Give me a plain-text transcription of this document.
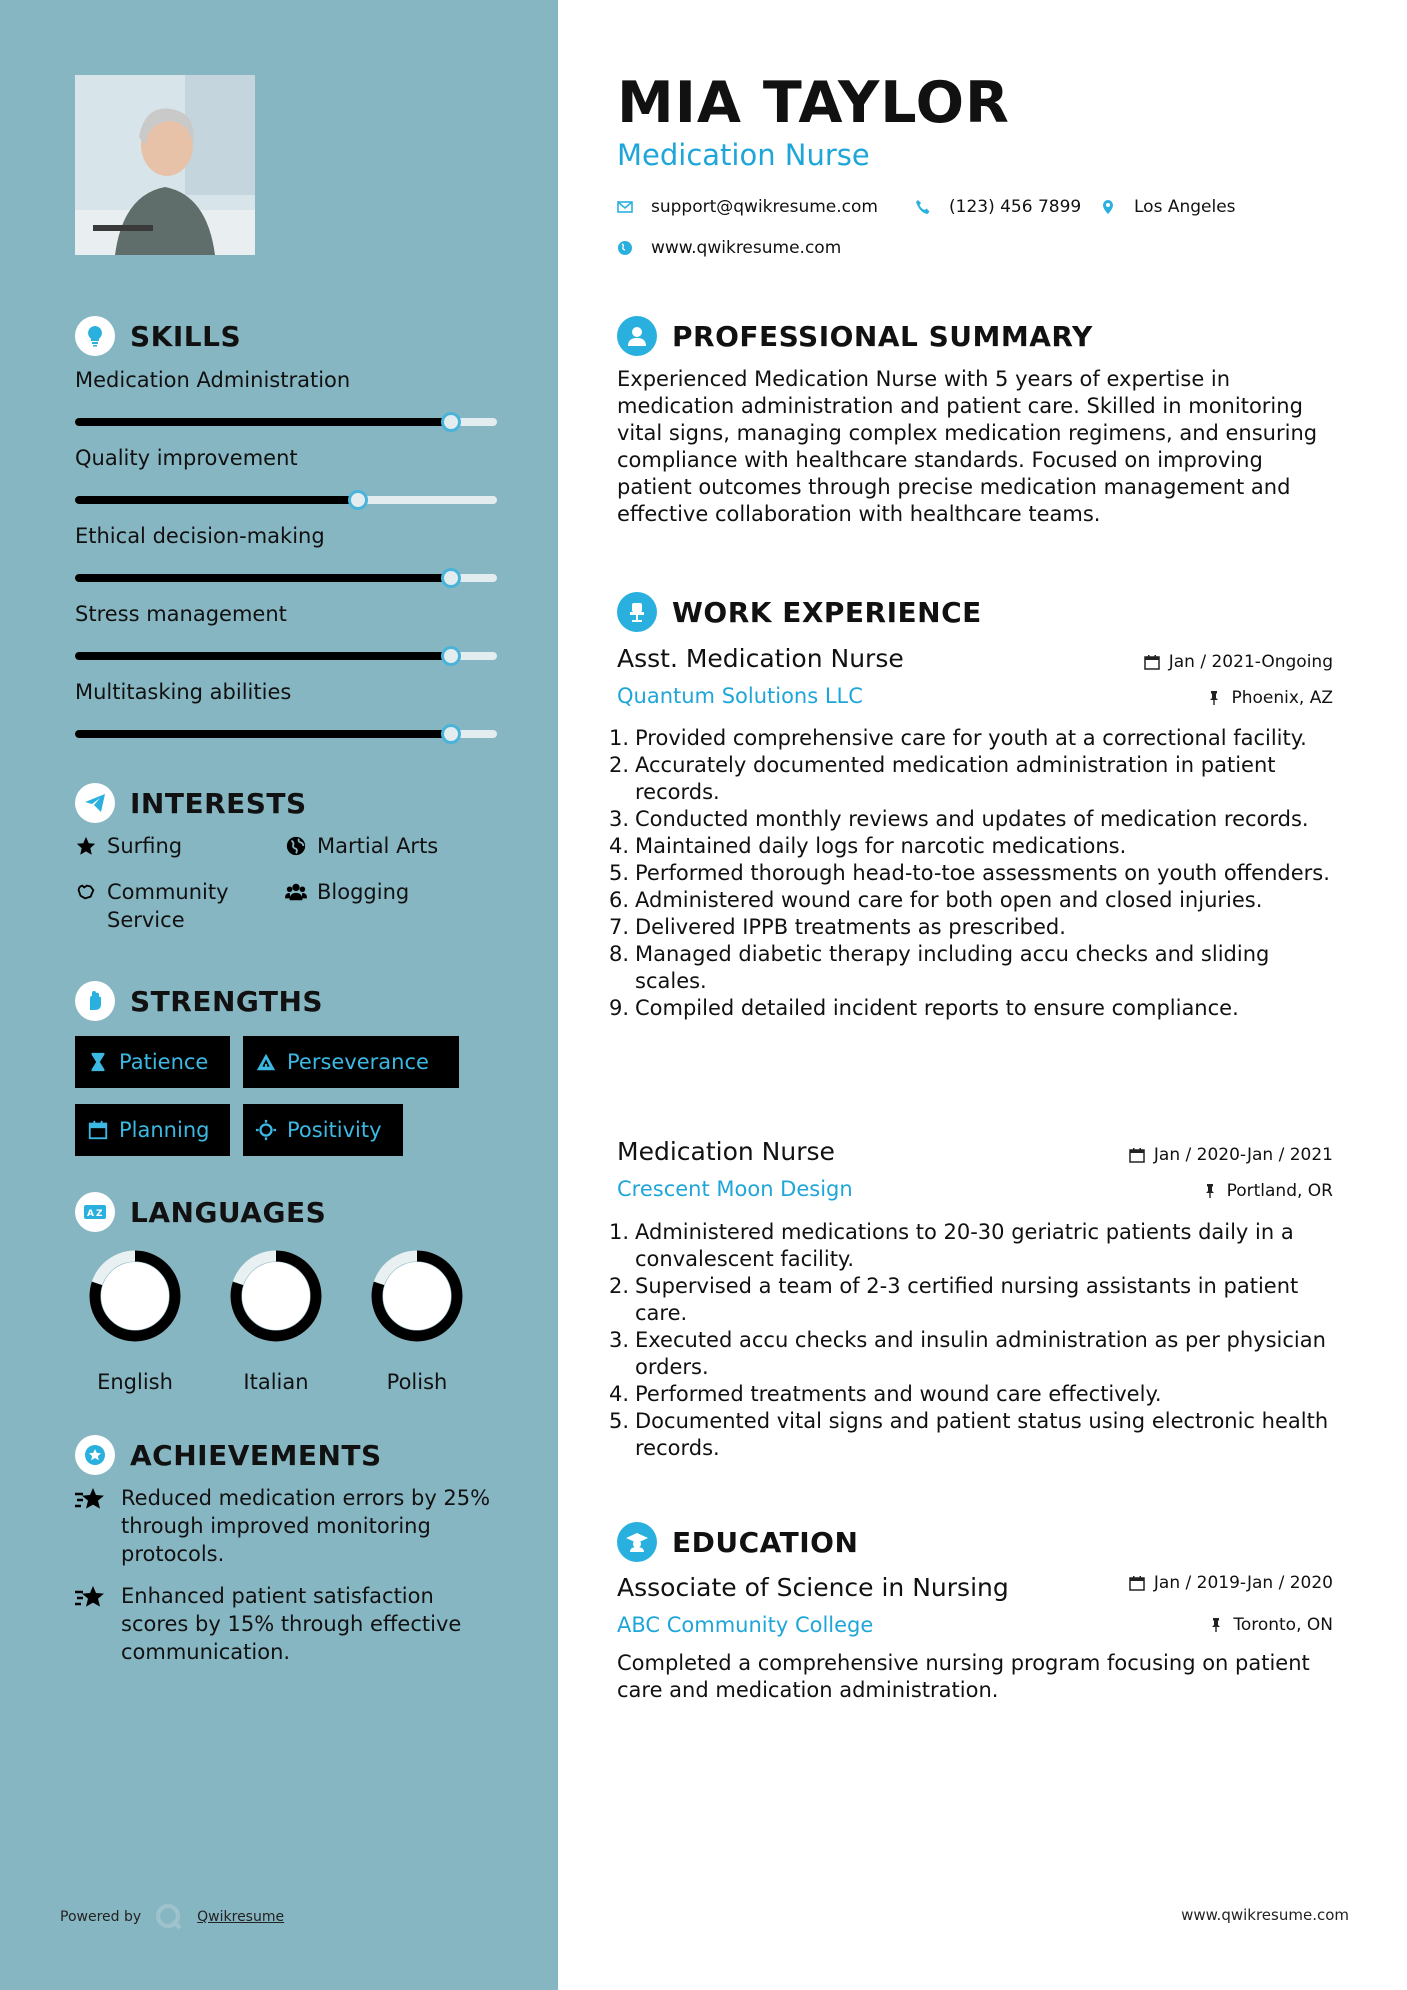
SKILLS
Medication Administration
Quality improvement
Ethical decision-making
Stress management
Multitasking abilities
INTERESTS
Surfing	Martial Arts
Community Service
Blogging
STRENGTHS
Patience	Perseverance
Planning	Positivity
A Z LANGUAGES
English	Italian	Polish
ACHIEVEMENTS
Reduced medication errors by 25% through improved monitoring protocols.
Enhanced patient satisfaction scores by 15% through effective communication.
Powered by	Qwikresume
MIA TAYLOR
Medication Nurse
support@qwikresume.com	(123) 456 7899	Los Angeles
www.qwikresume.com
PROFESSIONAL SUMMARY
Experienced Medication Nurse with 5 years of expertise in medication administration and patient care. Skilled in monitoring vital signs, managing complex medication regimens, and ensuring compliance with healthcare standards. Focused on improving patient outcomes through precise medication management and effective collaboration with healthcare teams.
WORK EXPERIENCE
Asst. Medication Nurse
Quantum Solutions LLC
Jan / 2021-Ongoing
Phoenix, AZ
Provided comprehensive care for youth at a correctional facility.
Accurately documented medication administration in patient records.
Conducted monthly reviews and updates of medication records.
Maintained daily logs for narcotic medications.
Performed thorough head-to-toe assessments on youth offenders.
Administered wound care for both open and closed injuries.
Delivered IPPB treatments as prescribed.
Managed diabetic therapy including accu checks and sliding scales.
Compiled detailed incident reports to ensure compliance.
Medication Nurse
Crescent Moon Design
Jan / 2020-Jan / 2021
Portland, OR
Administered medications to 20-30 geriatric patients daily in a convalescent facility.
Supervised a team of 2-3 certified nursing assistants in patient care.
Executed accu checks and insulin administration as per physician orders.
Performed treatments and wound care effectively.
Documented vital signs and patient status using electronic health records.
EDUCATION
Associate of Science in Nursing
ABC Community College
Jan / 2019-Jan / 2020
Toronto, ON
Completed a comprehensive nursing program focusing on patient care and medication administration.
www.qwikresume.com
